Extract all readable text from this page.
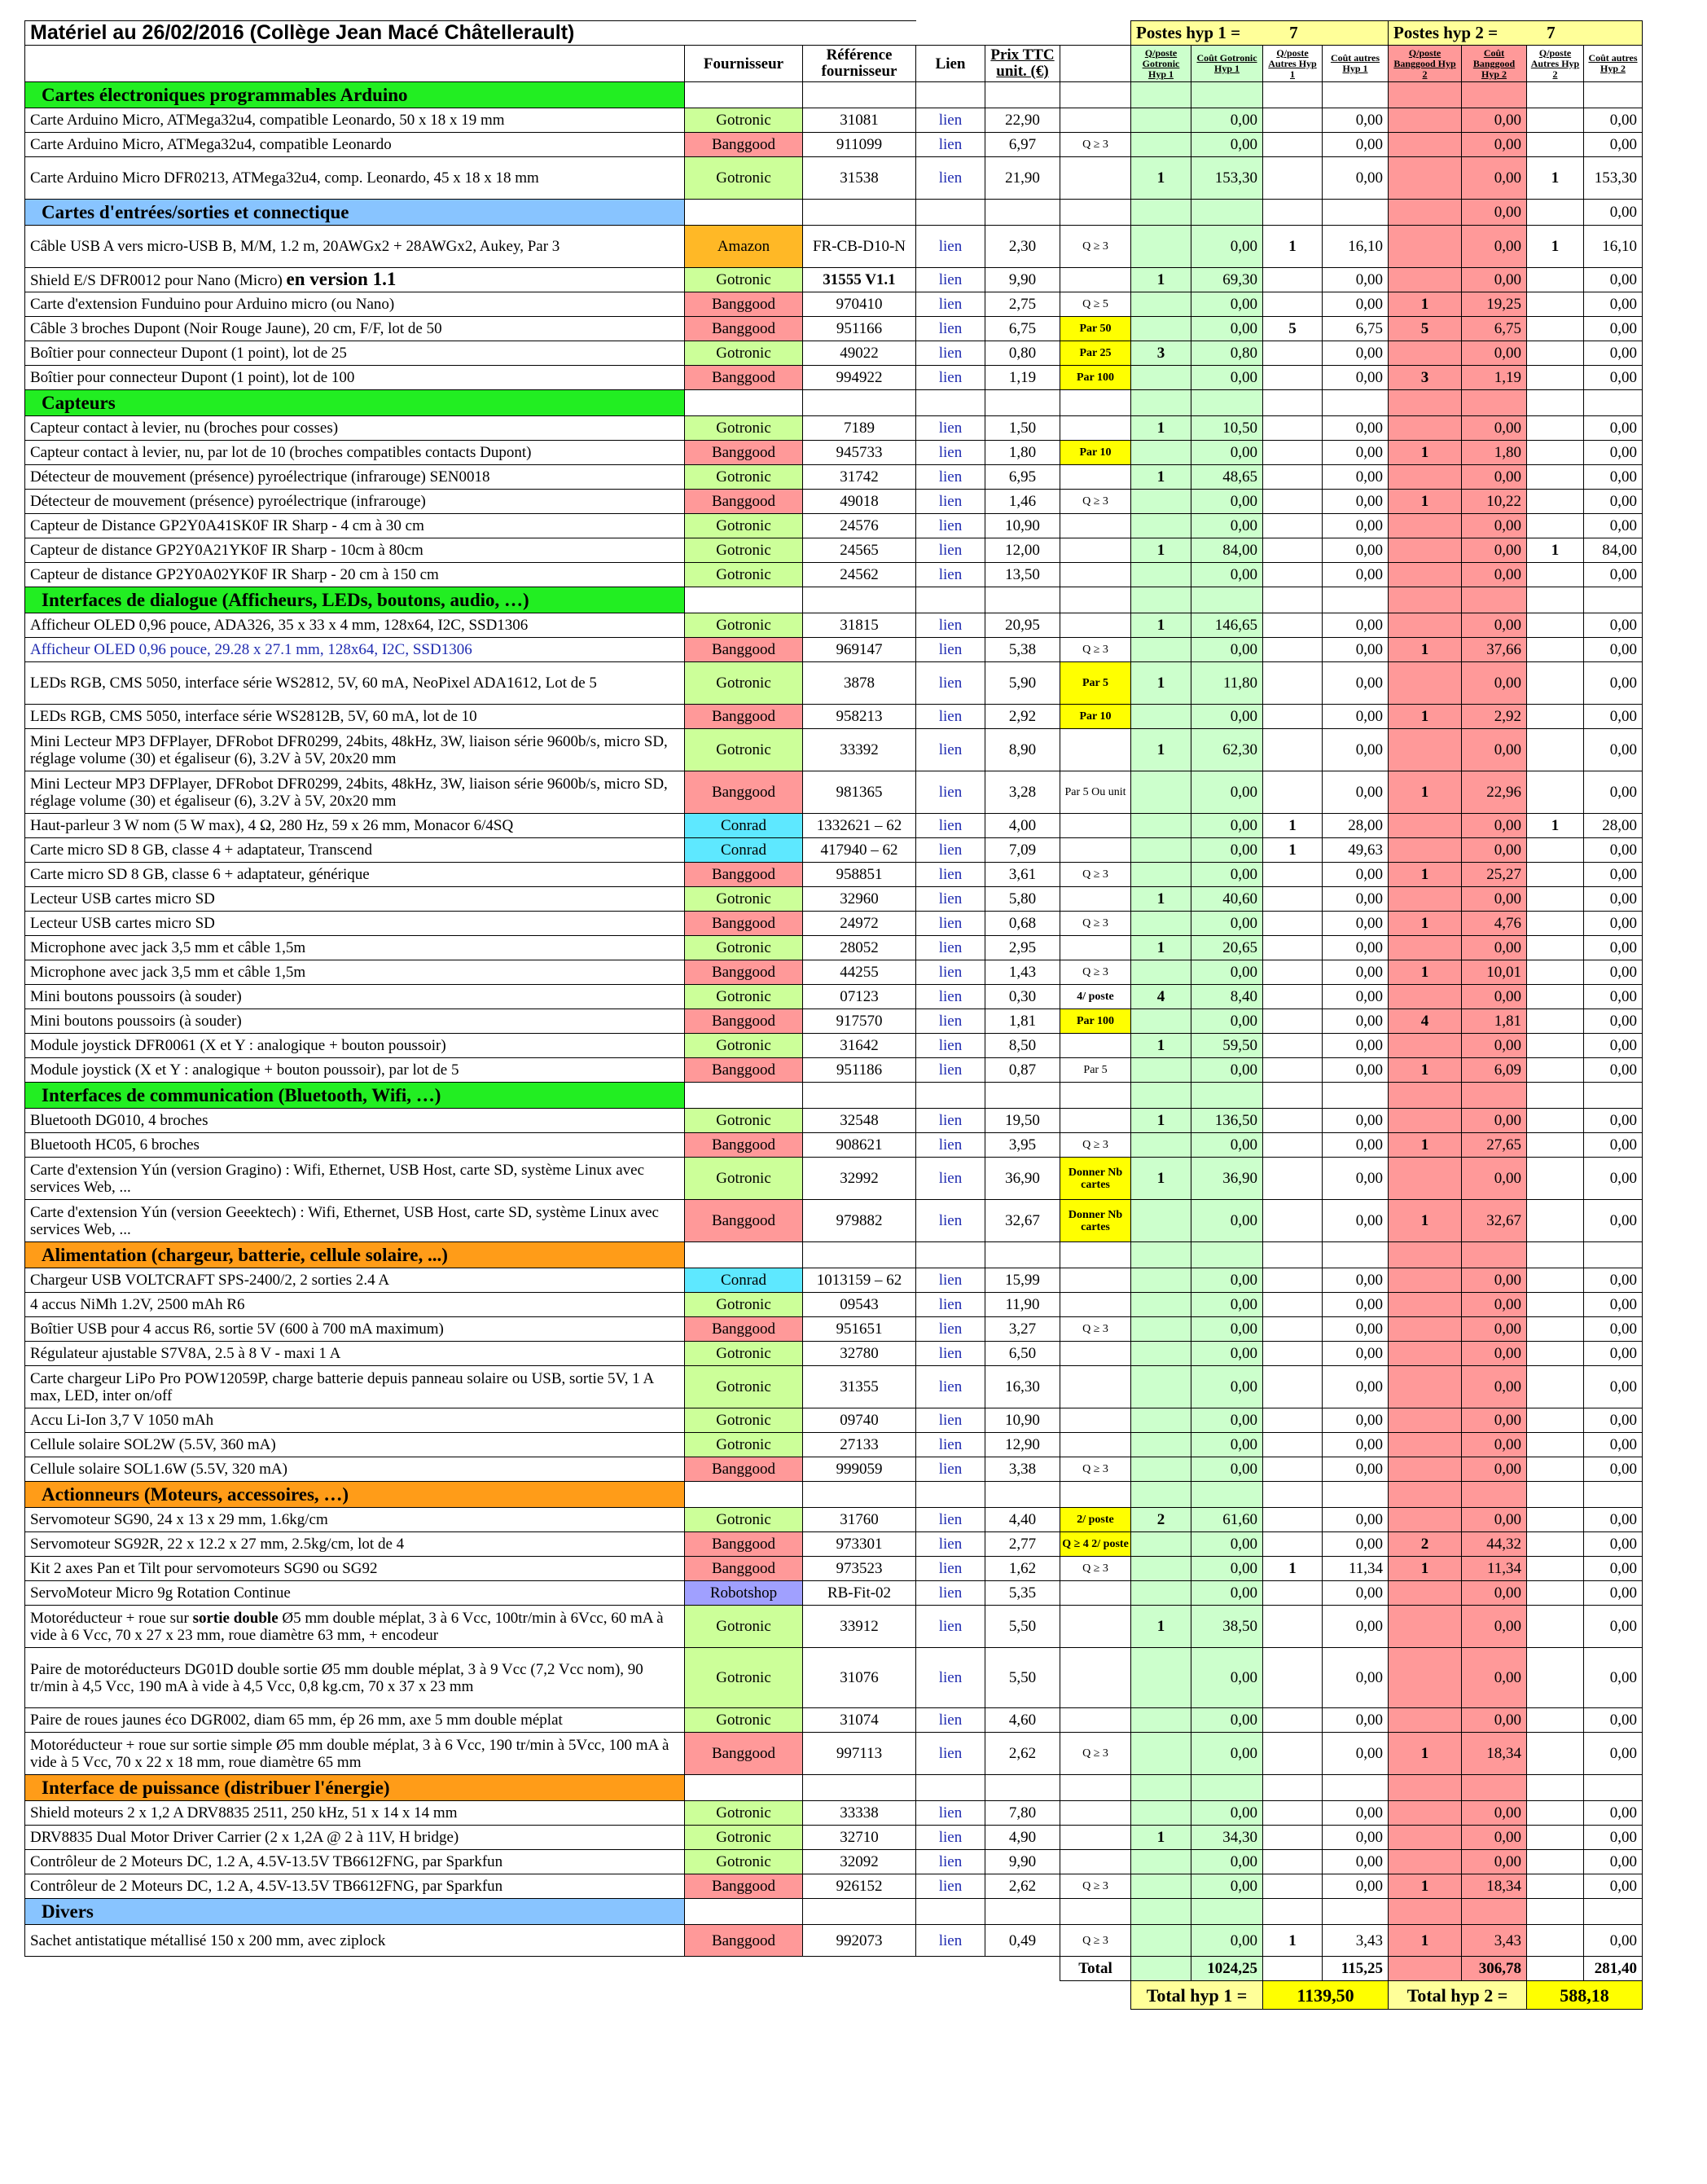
Matériel au 26/02/2016 (Collège Jean Macé Châtellerault)						Postes hyp 1 = 7				Postes hyp 2 = 7			
	Fournisseur	Référence fournisseur	Lien	Prix TTC unit. (€)		Q/poste Gotronic Hyp 1	Coût Gotronic Hyp 1	Q/poste Autres Hyp 1	Coût autres Hyp 1	Q/poste Banggood Hyp 2	Coût Banggood Hyp 2	Q/poste Autres Hyp 2	Coût autres Hyp 2
Cartes électroniques programmables Arduino													
Carte Arduino Micro, ATMega32u4, compatible Leonardo, 50 x 18 x 19 mm	Gotronic	31081	lien	22,90			0,00		0,00		0,00		0,00
Carte Arduino Micro, ATMega32u4, compatible Leonardo	Banggood	911099	lien	6,97	Q ≥ 3		0,00		0,00		0,00		0,00
Carte Arduino Micro DFR0213, ATMega32u4, comp. Leonardo, 45 x 18 x 18 mm	Gotronic	31538	lien	21,90		1	153,30		0,00		0,00	1	153,30
Cartes d'entrées/sorties et connectique											0,00		0,00
Câble USB A vers micro-USB B, M/M, 1.2 m, 20AWGx2 + 28AWGx2, Aukey, Par 3	Amazon	FR-CB-D10-N	lien	2,30	Q ≥ 3		0,00	1	16,10		0,00	1	16,10
Shield E/S DFR0012 pour Nano (Micro) en version 1.1	Gotronic	31555 V1.1	lien	9,90		1	69,30		0,00		0,00		0,00
Carte d'extension Funduino pour Arduino micro (ou Nano)	Banggood	970410	lien	2,75	Q ≥ 5		0,00		0,00	1	19,25		0,00
Câble 3 broches Dupont (Noir Rouge Jaune), 20 cm, F/F, lot de 50	Banggood	951166	lien	6,75	Par 50		0,00	5	6,75	5	6,75		0,00
Boîtier pour connecteur Dupont (1 point), lot de 25	Gotronic	49022	lien	0,80	Par 25	3	0,80		0,00		0,00		0,00
Boîtier pour connecteur Dupont (1 point), lot de 100	Banggood	994922	lien	1,19	Par 100		0,00		0,00	3	1,19		0,00
Capteurs													
Capteur contact à levier, nu (broches pour cosses)	Gotronic	7189	lien	1,50		1	10,50		0,00		0,00		0,00
Capteur contact à levier, nu, par lot de 10 (broches compatibles contacts Dupont)	Banggood	945733	lien	1,80	Par 10		0,00		0,00	1	1,80		0,00
Détecteur de mouvement (présence) pyroélectrique (infrarouge) SEN0018	Gotronic	31742	lien	6,95		1	48,65		0,00		0,00		0,00
Détecteur de mouvement (présence) pyroélectrique (infrarouge)	Banggood	49018	lien	1,46	Q ≥ 3		0,00		0,00	1	10,22		0,00
Capteur de Distance GP2Y0A41SK0F IR Sharp - 4 cm à 30 cm	Gotronic	24576	lien	10,90			0,00		0,00		0,00		0,00
Capteur de distance GP2Y0A21YK0F IR Sharp - 10cm à 80cm	Gotronic	24565	lien	12,00		1	84,00		0,00		0,00	1	84,00
Capteur de distance GP2Y0A02YK0F IR Sharp - 20 cm à 150 cm	Gotronic	24562	lien	13,50			0,00		0,00		0,00		0,00
Interfaces de dialogue (Afficheurs, LEDs, boutons, audio, …)													
Afficheur OLED 0,96 pouce, ADA326, 35 x 33 x 4 mm, 128x64, I2C, SSD1306	Gotronic	31815	lien	20,95		1	146,65		0,00		0,00		0,00
Afficheur OLED 0,96 pouce, 29.28 x 27.1 mm, 128x64, I2C, SSD1306	Banggood	969147	lien	5,38	Q ≥ 3		0,00		0,00	1	37,66		0,00
LEDs RGB, CMS 5050, interface série WS2812, 5V, 60 mA, NeoPixel ADA1612, Lot de 5	Gotronic	3878	lien	5,90	Par 5	1	11,80		0,00		0,00		0,00
LEDs RGB, CMS 5050, interface série WS2812B, 5V, 60 mA, lot de 10	Banggood	958213	lien	2,92	Par 10		0,00		0,00	1	2,92		0,00
Mini Lecteur MP3 DFPlayer, DFRobot DFR0299, 24bits, 48kHz, 3W, liaison série 9600b/s, micro SD, réglage volume (30) et égaliseur (6), 3.2V à 5V, 20x20 mm	Gotronic	33392	lien	8,90		1	62,30		0,00		0,00		0,00
Mini Lecteur MP3 DFPlayer, DFRobot DFR0299, 24bits, 48kHz, 3W, liaison série 9600b/s, micro SD, réglage volume (30) et égaliseur (6), 3.2V à 5V, 20x20 mm	Banggood	981365	lien	3,28	Par 5 Ou unit		0,00		0,00	1	22,96		0,00
Haut-parleur 3 W nom (5 W max), 4 Ω, 280 Hz, 59 x 26 mm, Monacor 6/4SQ	Conrad	1332621 – 62	lien	4,00			0,00	1	28,00		0,00	1	28,00
Carte micro SD 8 GB, classe 4 + adaptateur, Transcend	Conrad	417940 – 62	lien	7,09			0,00	1	49,63		0,00		0,00
Carte micro SD 8 GB, classe 6 + adaptateur, générique	Banggood	958851	lien	3,61	Q ≥ 3		0,00		0,00	1	25,27		0,00
Lecteur USB cartes micro SD	Gotronic	32960	lien	5,80		1	40,60		0,00		0,00		0,00
Lecteur USB cartes micro SD	Banggood	24972	lien	0,68	Q ≥ 3		0,00		0,00	1	4,76		0,00
Microphone avec jack 3,5 mm et câble 1,5m	Gotronic	28052	lien	2,95		1	20,65		0,00		0,00		0,00
Microphone avec jack 3,5 mm et câble 1,5m	Banggood	44255	lien	1,43	Q ≥ 3		0,00		0,00	1	10,01		0,00
Mini boutons poussoirs (à souder)	Gotronic	07123	lien	0,30	4/ poste	4	8,40		0,00		0,00		0,00
Mini boutons poussoirs (à souder)	Banggood	917570	lien	1,81	Par 100		0,00		0,00	4	1,81		0,00
Module joystick DFR0061 (X et Y : analogique + bouton poussoir)	Gotronic	31642	lien	8,50		1	59,50		0,00		0,00		0,00
Module joystick (X et Y : analogique + bouton poussoir), par lot de 5	Banggood	951186	lien	0,87	Par 5		0,00		0,00	1	6,09		0,00
Interfaces de communication (Bluetooth, Wifi, …)													
Bluetooth DG010, 4 broches	Gotronic	32548	lien	19,50		1	136,50		0,00		0,00		0,00
Bluetooth HC05, 6 broches	Banggood	908621	lien	3,95	Q ≥ 3		0,00		0,00	1	27,65		0,00
Carte d'extension Yún (version Gragino) : Wifi, Ethernet, USB Host, carte SD, système Linux avec services Web, ...	Gotronic	32992	lien	36,90	Donner Nb cartes	1	36,90		0,00		0,00		0,00
Carte d'extension Yún (version Geeektech) : Wifi, Ethernet, USB Host, carte SD, système Linux avec services Web, ...	Banggood	979882	lien	32,67	Donner Nb cartes		0,00		0,00	1	32,67		0,00
Alimentation (chargeur, batterie, cellule solaire, ...)													
Chargeur USB VOLTCRAFT SPS-2400/2, 2 sorties 2.4 A	Conrad	1013159 – 62	lien	15,99			0,00		0,00		0,00		0,00
4 accus NiMh 1.2V, 2500 mAh R6	Gotronic	09543	lien	11,90			0,00		0,00		0,00		0,00
Boîtier USB pour 4 accus R6, sortie 5V (600 à 700 mA maximum)	Banggood	951651	lien	3,27	Q ≥ 3		0,00		0,00		0,00		0,00
Régulateur ajustable S7V8A, 2.5 à 8 V - maxi 1 A	Gotronic	32780	lien	6,50			0,00		0,00		0,00		0,00
Carte chargeur LiPo Pro POW12059P, charge batterie depuis panneau solaire ou USB, sortie 5V, 1 A max, LED, inter on/off	Gotronic	31355	lien	16,30			0,00		0,00		0,00		0,00
Accu Li-Ion 3,7 V 1050 mAh	Gotronic	09740	lien	10,90			0,00		0,00		0,00		0,00
Cellule solaire SOL2W (5.5V, 360 mA)	Gotronic	27133	lien	12,90			0,00		0,00		0,00		0,00
Cellule solaire SOL1.6W (5.5V, 320 mA)	Banggood	999059	lien	3,38	Q ≥ 3		0,00		0,00		0,00		0,00
Actionneurs (Moteurs, accessoires, …)													
Servomoteur SG90, 24 x 13 x 29 mm, 1.6kg/cm	Gotronic	31760	lien	4,40	2/ poste	2	61,60		0,00		0,00		0,00
Servomoteur SG92R, 22 x 12.2 x 27 mm, 2.5kg/cm, lot de 4	Banggood	973301	lien	2,77	Q ≥ 4 2/ poste		0,00		0,00	2	44,32		0,00
Kit 2 axes Pan et Tilt pour servomoteurs SG90 ou SG92	Banggood	973523	lien	1,62	Q ≥ 3		0,00	1	11,34	1	11,34		0,00
ServoMoteur Micro 9g Rotation Continue	Robotshop	RB-Fit-02	lien	5,35			0,00		0,00		0,00		0,00
Motoréducteur + roue sur sortie double Ø5 mm double méplat, 3 à 6 Vcc, 100tr/min à 6Vcc, 60 mA à vide à 6 Vcc, 70 x 27 x 23 mm, roue diamètre 63 mm, + encodeur	Gotronic	33912	lien	5,50		1	38,50		0,00		0,00		0,00
Paire de motoréducteurs DG01D double sortie Ø5 mm double méplat, 3 à 9 Vcc (7,2 Vcc nom), 90 tr/min à 4,5 Vcc, 190 mA à vide à 4,5 Vcc, 0,8 kg.cm, 70 x 37 x 23 mm	Gotronic	31076	lien	5,50			0,00		0,00		0,00		0,00
Paire de roues jaunes éco DGR002, diam 65 mm, ép 26 mm, axe 5 mm double méplat	Gotronic	31074	lien	4,60			0,00		0,00		0,00		0,00
Motoréducteur + roue sur sortie simple Ø5 mm double méplat, 3 à 6 Vcc, 190 tr/min à 5Vcc, 100 mA à vide à 5 Vcc, 70 x 22 x 18 mm, roue diamètre 65 mm	Banggood	997113	lien	2,62	Q ≥ 3		0,00		0,00	1	18,34		0,00
Interface de puissance (distribuer l'énergie)													
Shield moteurs 2 x 1,2 A DRV8835 2511, 250 kHz, 51 x 14 x 14 mm	Gotronic	33338	lien	7,80			0,00		0,00		0,00		0,00
DRV8835 Dual Motor Driver Carrier (2 x 1,2A @ 2 à 11V, H bridge)	Gotronic	32710	lien	4,90		1	34,30		0,00		0,00		0,00
Contrôleur de 2 Moteurs DC, 1.2 A, 4.5V-13.5V TB6612FNG, par Sparkfun	Gotronic	32092	lien	9,90			0,00		0,00		0,00		0,00
Contrôleur de 2 Moteurs DC, 1.2 A, 4.5V-13.5V TB6612FNG, par Sparkfun	Banggood	926152	lien	2,62	Q ≥ 3		0,00		0,00	1	18,34		0,00
Divers													
Sachet antistatique métallisé 150 x 200 mm, avec ziplock	Banggood	992073	lien	0,49	Q ≥ 3		0,00	1	3,43	1	3,43		0,00
					Total		1024,25		115,25		306,78		281,40
						Total hyp 1 =		1139,50		Total hyp 2 =		588,18	
